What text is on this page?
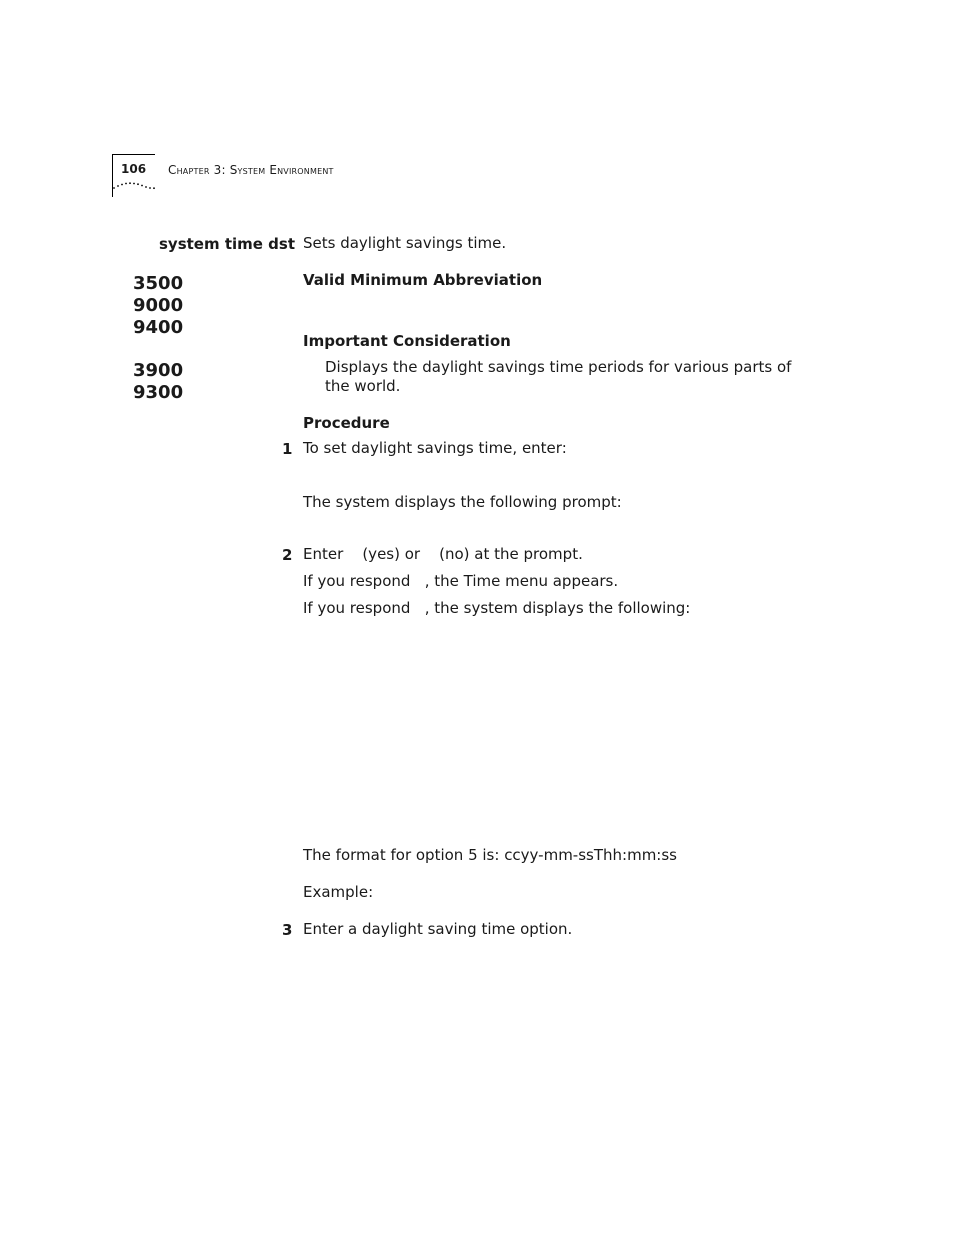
106 Chapter 3: System Environment
system time dst Sets daylight savings time.
3500
9000
9400
3900
9300
Valid Minimum Abbreviation
Important Consideration
Displays the daylight savings time periods for various parts of the world.
Procedure
1 To set daylight savings time, enter:
The system displays the following prompt:
2 Enter    (yes) or    (no) at the prompt.
If you respond   , the Time menu appears.
If you respond   , the system displays the following:
The format for option 5 is: ccyy-mm-ssThh:mm:ss
Example:
3 Enter a daylight saving time option.
